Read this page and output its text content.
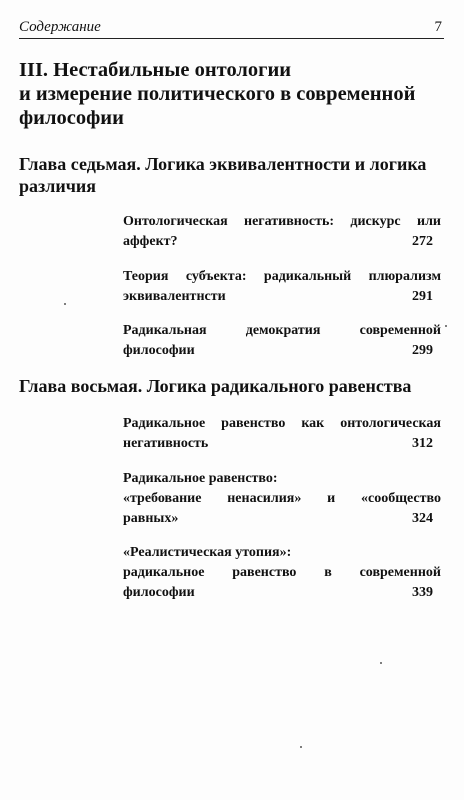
Содержание	7
III. Нестабильные онтологии
и измерение политического в современной
философии
Глава седьмая. Логика эквивалентности и логика
различия
Онтологическая негативность: дискурс или
аффект?	272
Теория субъекта: радикальный плюрализм
эквивалентнсти	291
Радикальная	демократия	современной
философии	299
Глава восьмая. Логика радикального равенства
Радикальное равенство как онтологическая
негативность	312
Радикальное равенство:
«требование ненасилия» и «сообщество
равных»	324
«Реалистическая утопия»:
радикальное равенство в современной
философии	339
